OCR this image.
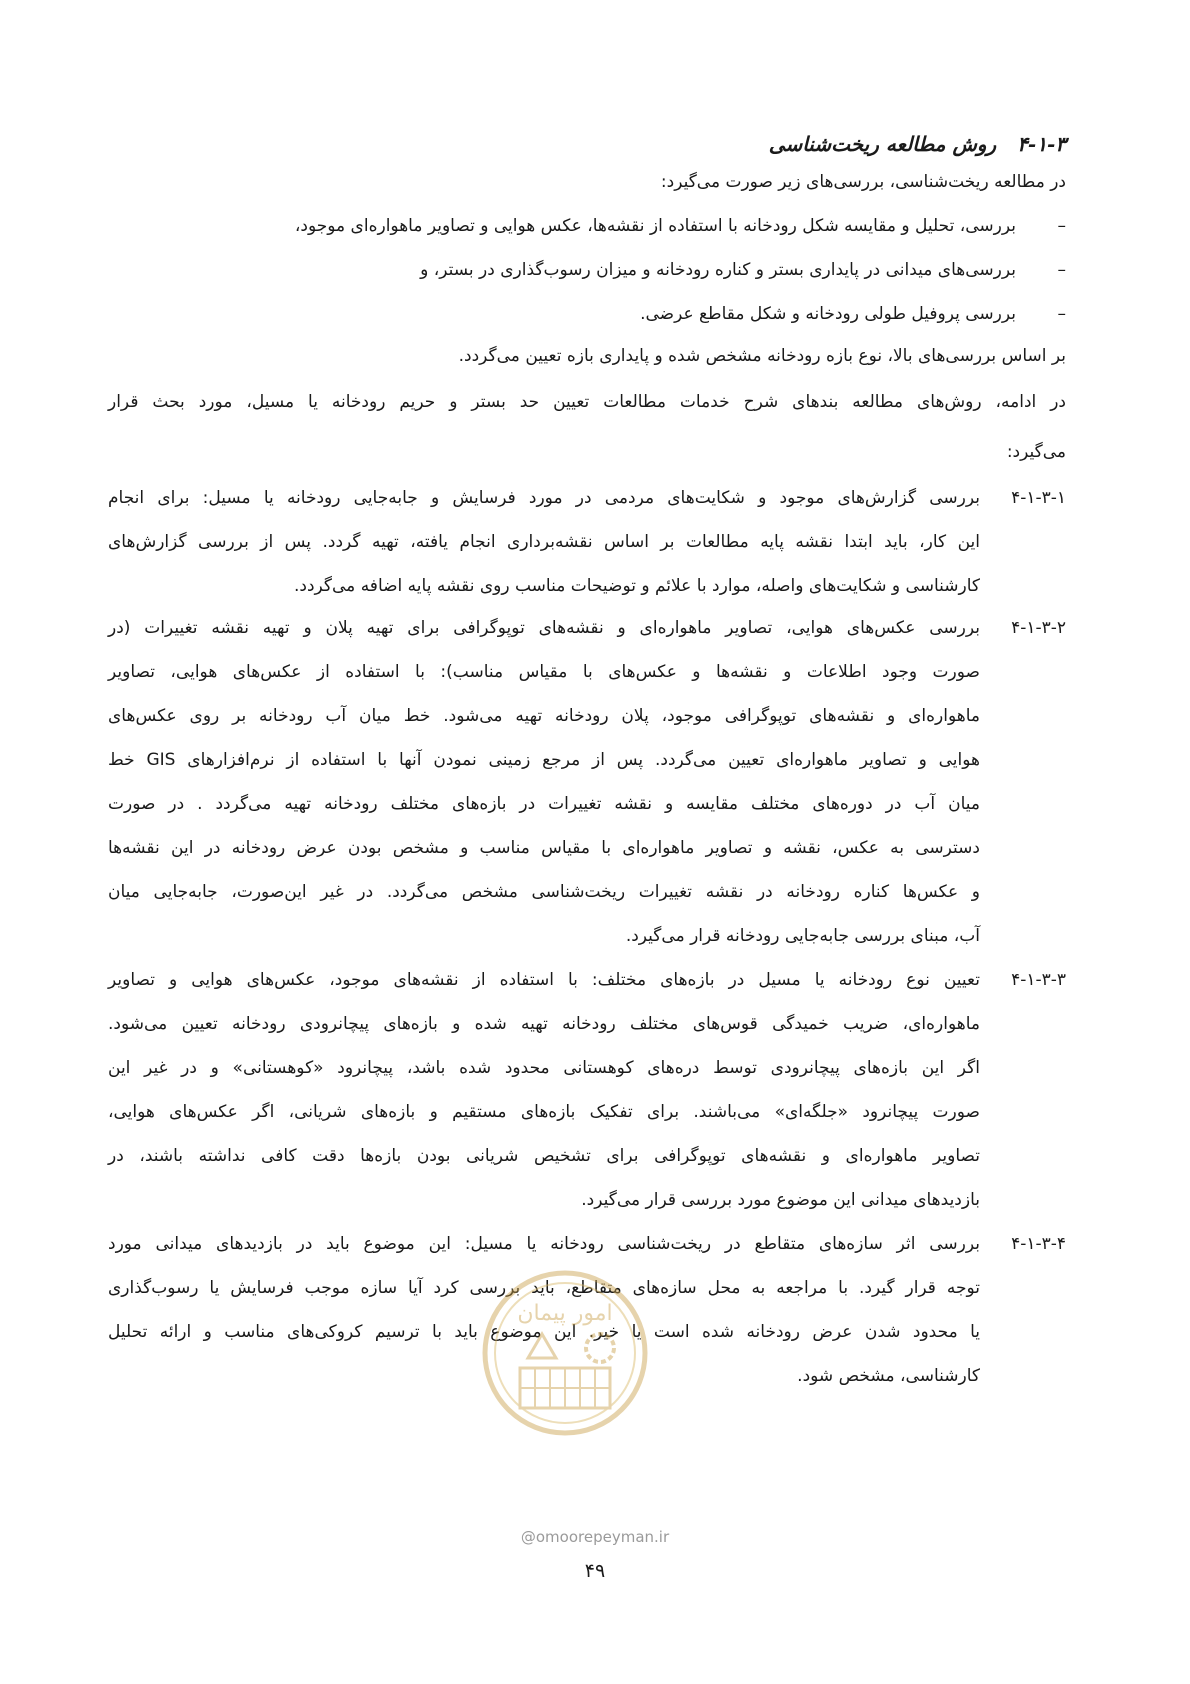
۴-۱-۳ روش مطالعه ریخت‌شناسی
در مطالعه ریخت‌شناسی، بررسی‌های زیر صورت می‌گیرد:
–بررسی، تحلیل و مقایسه شکل رودخانه با استفاده از نقشه‌ها، عکس هوایی و تصاویر ماهواره‌ای موجود،
–بررسی‌های میدانی در پایداری بستر و کناره رودخانه و میزان رسوب‌گذاری در بستر، و
–بررسی پروفیل طولی رودخانه و شکل مقاطع عرضی.
بر اساس بررسی‌های بالا، نوع بازه رودخانه مشخص شده و پایداری بازه تعیین می‌گردد.
در ادامه، روش‌های مطالعه بندهای شرح خدمات مطالعات تعیین حد بستر و حریم رودخانه یا مسیل، مورد بحث قرار
می‌گیرد:
۴-۱-۳-۱
بررسی گزارش‌های موجود و شکایت‌های مردمی در مورد فرسایش و جابه‌جایی رودخانه یا مسیل: برای انجام
این کار، باید ابتدا نقشه پایه مطالعات بر اساس نقشه‌برداری انجام یافته، تهیه گردد. پس از بررسی گزارش‌های
کارشناسی و شکایت‌های واصله، موارد با علائم و توضیحات مناسب روی نقشه پایه اضافه می‌گردد.
۴-۱-۳-۲
بررسی عکس‌های هوایی، تصاویر ماهواره‌ای و نقشه‌های توپوگرافی برای تهیه پلان و تهیه نقشه تغییرات (در
صورت وجود اطلاعات و نقشه‌ها و عکس‌های با مقیاس مناسب): با استفاده از عکس‌های هوایی، تصاویر
ماهواره‌ای و نقشه‌های توپوگرافی موجود، پلان رودخانه تهیه می‌شود. خط میان آب رودخانه بر روی عکس‌های
هوایی و تصاویر ماهواره‌ای تعیین می‌گردد. پس از مرجع زمینی نمودن آنها با استفاده از نرم‌افزارهای GIS خط
میان آب در دوره‌های مختلف مقایسه و نقشه تغییرات در بازه‌های مختلف رودخانه تهیه می‌گردد . در صورت
دسترسی به عکس، نقشه و تصاویر ماهواره‌ای با مقیاس مناسب و مشخص بودن عرض رودخانه در این نقشه‌ها
و عکس‌ها کناره رودخانه در نقشه تغییرات ریخت‌شناسی مشخص می‌گردد. در غیر این‌صورت، جابه‌جایی میان
آب، مبنای بررسی جابه‌جایی رودخانه قرار می‌گیرد.
۴-۱-۳-۳
تعیین نوع رودخانه یا مسیل در بازه‌های مختلف: با استفاده از نقشه‌های موجود، عکس‌های هوایی و تصاویر
ماهواره‌ای، ضریب خمیدگی قوس‌های مختلف رودخانه تهیه شده و بازه‌های پیچانرودی رودخانه تعیین می‌شود.
اگر این بازه‌های پیچانرودی توسط دره‌های کوهستانی محدود شده باشد، پیچانرود «کوهستانی» و در غیر این
صورت پیچانرود «جلگه‌ای» می‌باشند. برای تفکیک بازه‌های مستقیم و بازه‌های شریانی، اگر عکس‌های هوایی،
تصاویر ماهواره‌ای و نقشه‌های توپوگرافی برای تشخیص شریانی بودن بازه‌ها دقت کافی نداشته باشند، در
بازدیدهای میدانی این موضوع مورد بررسی قرار می‌گیرد.
۴-۱-۳-۴
بررسی اثر سازه‌های متقاطع در ریخت‌شناسی رودخانه یا مسیل: این موضوع باید در بازدیدهای میدانی مورد
توجه قرار گیرد. با مراجعه به محل سازه‌های متقاطع، باید بررسی کرد آیا سازه موجب فرسایش یا رسوب‌گذاری
یا محدود شدن عرض رودخانه شده است یا خیر. این موضوع باید با ترسیم کروکی‌های مناسب و ارائه تحلیل
کارشناسی، مشخص شود.
امور پیمان
@omoorepeyman.ir
۴۹
